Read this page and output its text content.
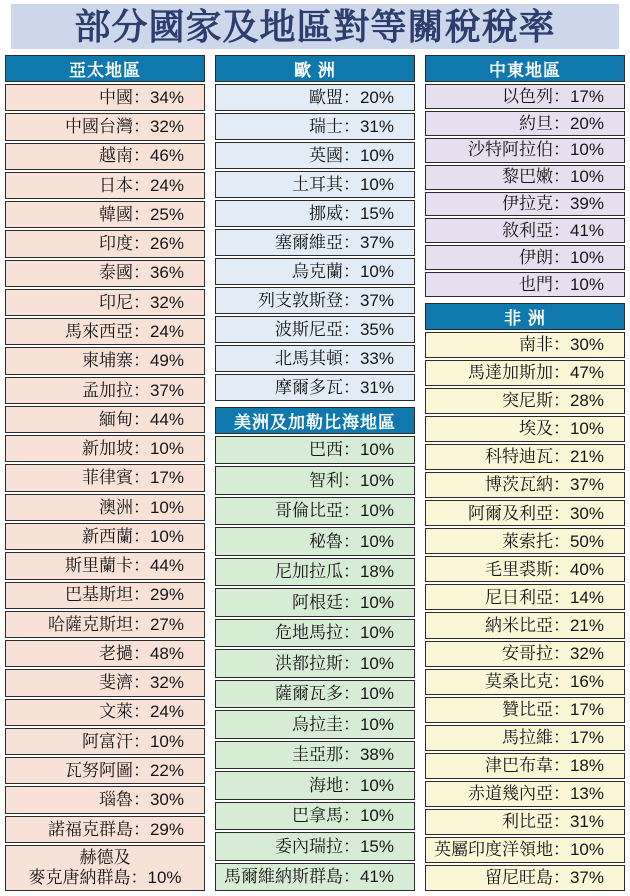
部分國家及地區對等關稅稅率
亞太地區
中國：34%
中國台灣：32%
越南：46%
日本：24%
韓國：25%
印度：26%
泰國：36%
印尼：32%
馬來西亞：24%
柬埔寨：49%
孟加拉：37%
緬甸：44%
新加坡：10%
菲律賓：17%
澳洲：10%
新西蘭：10%
斯里蘭卡：44%
巴基斯坦：29%
哈薩克斯坦：27%
老撾：48%
斐濟：32%
文萊：24%
阿富汗：10%
瓦努阿圖：22%
瑙魯：30%
諾福克群島：29%
赫德及
麥克唐納群島：10%
歐 洲
歐盟：20%
瑞士：31%
英國：10%
土耳其：10%
挪威：15%
塞爾維亞：37%
烏克蘭：10%
列支敦斯登：37%
波斯尼亞：35%
北馬其頓：33%
摩爾多瓦：31%
美洲及加勒比海地區
巴西：10%
智利：10%
哥倫比亞：10%
秘魯：10%
尼加拉瓜：18%
阿根廷：10%
危地馬拉：10%
洪都拉斯：10%
薩爾瓦多：10%
烏拉圭：10%
圭亞那：38%
海地：10%
巴拿馬：10%
委內瑞拉：15%
馬爾維納斯群島：41%
中東地區
以色列：17%
約旦：20%
沙特阿拉伯：10%
黎巴嫩：10%
伊拉克：39%
敘利亞：41%
伊朗：10%
也門：10%
非 洲
南非：30%
馬達加斯加：47%
突尼斯：28%
埃及：10%
科特迪瓦：21%
博茨瓦納：37%
阿爾及利亞：30%
萊索托：50%
毛里裘斯：40%
尼日利亞：14%
納米比亞：21%
安哥拉：32%
莫桑比克：16%
贊比亞：17%
馬拉維：17%
津巴布韋：18%
赤道幾內亞：13%
利比亞：31%
英屬印度洋領地：10%
留尼旺島：37%
